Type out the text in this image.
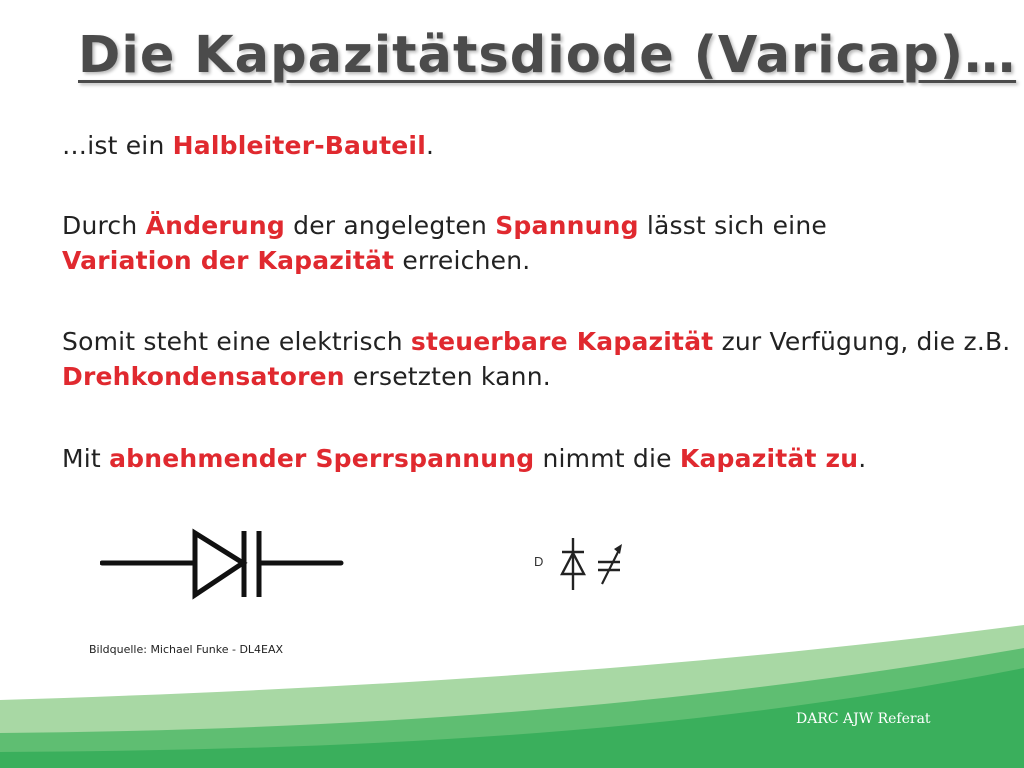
Die Kapazitätsdiode (Varicap)…

…ist ein Halbleiter-Bauteil.

Durch Änderung der angelegten Spannung lässt sich eine
Variation der Kapazität erreichen.

Somit steht eine elektrisch steuerbare Kapazität zur Verfügung, die z.B. Drehkondensatoren ersetzten kann.

Mit abnehmender Sperrspannung nimmt die Kapazität zu.

D

Bildquelle: Michael Funke - DL4EAX

DARC AJW Referat
